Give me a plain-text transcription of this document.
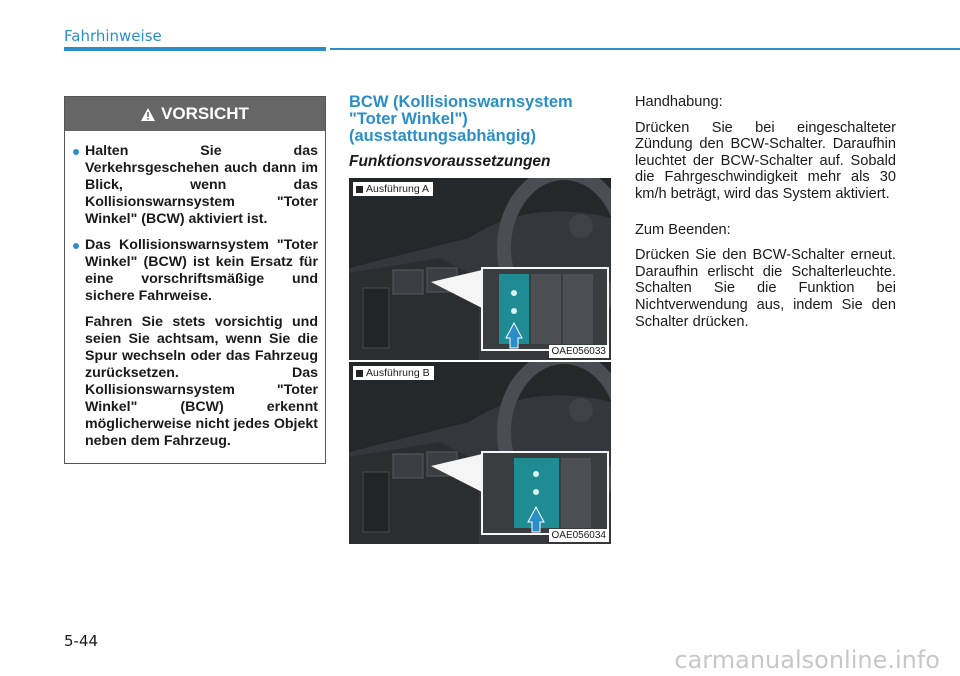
Fahrhinweise
VORSICHT
Halten Sie das Verkehrsgeschehen auch dann im Blick, wenn das Kollisionswarnsystem "Toter Winkel" (BCW) aktiviert ist.
Das Kollisionswarnsystem "Toter Winkel" (BCW) ist kein Ersatz für eine vorschriftsmäßige und sichere Fahrweise.
Fahren Sie stets vorsichtig und seien Sie achtsam, wenn Sie die Spur wechseln oder das Fahrzeug zurücksetzen. Das Kollisionswarnsystem "Toter Winkel" (BCW) erkennt möglicherweise nicht jedes Objekt neben dem Fahrzeug.
BCW (Kollisionswarnsystem "Toter Winkel") (ausstattungsabhängig)
Funktionsvoraussetzungen
Ausführung A
OAE056033
Ausführung B
OAE056034

Handhabung:

Drücken Sie bei eingeschalteter Zündung den BCW-Schalter. Daraufhin leuchtet der BCW-Schalter auf. Sobald die Fahrgeschwindigkeit mehr als 30 km/h beträgt, wird das System aktiviert.

Zum Beenden:

Drücken Sie den BCW-Schalter erneut. Daraufhin erlischt die Schalterleuchte. Schalten Sie die Funktion bei Nichtverwendung aus, indem Sie den Schalter drücken.

5-44
carmanualsonline.info
